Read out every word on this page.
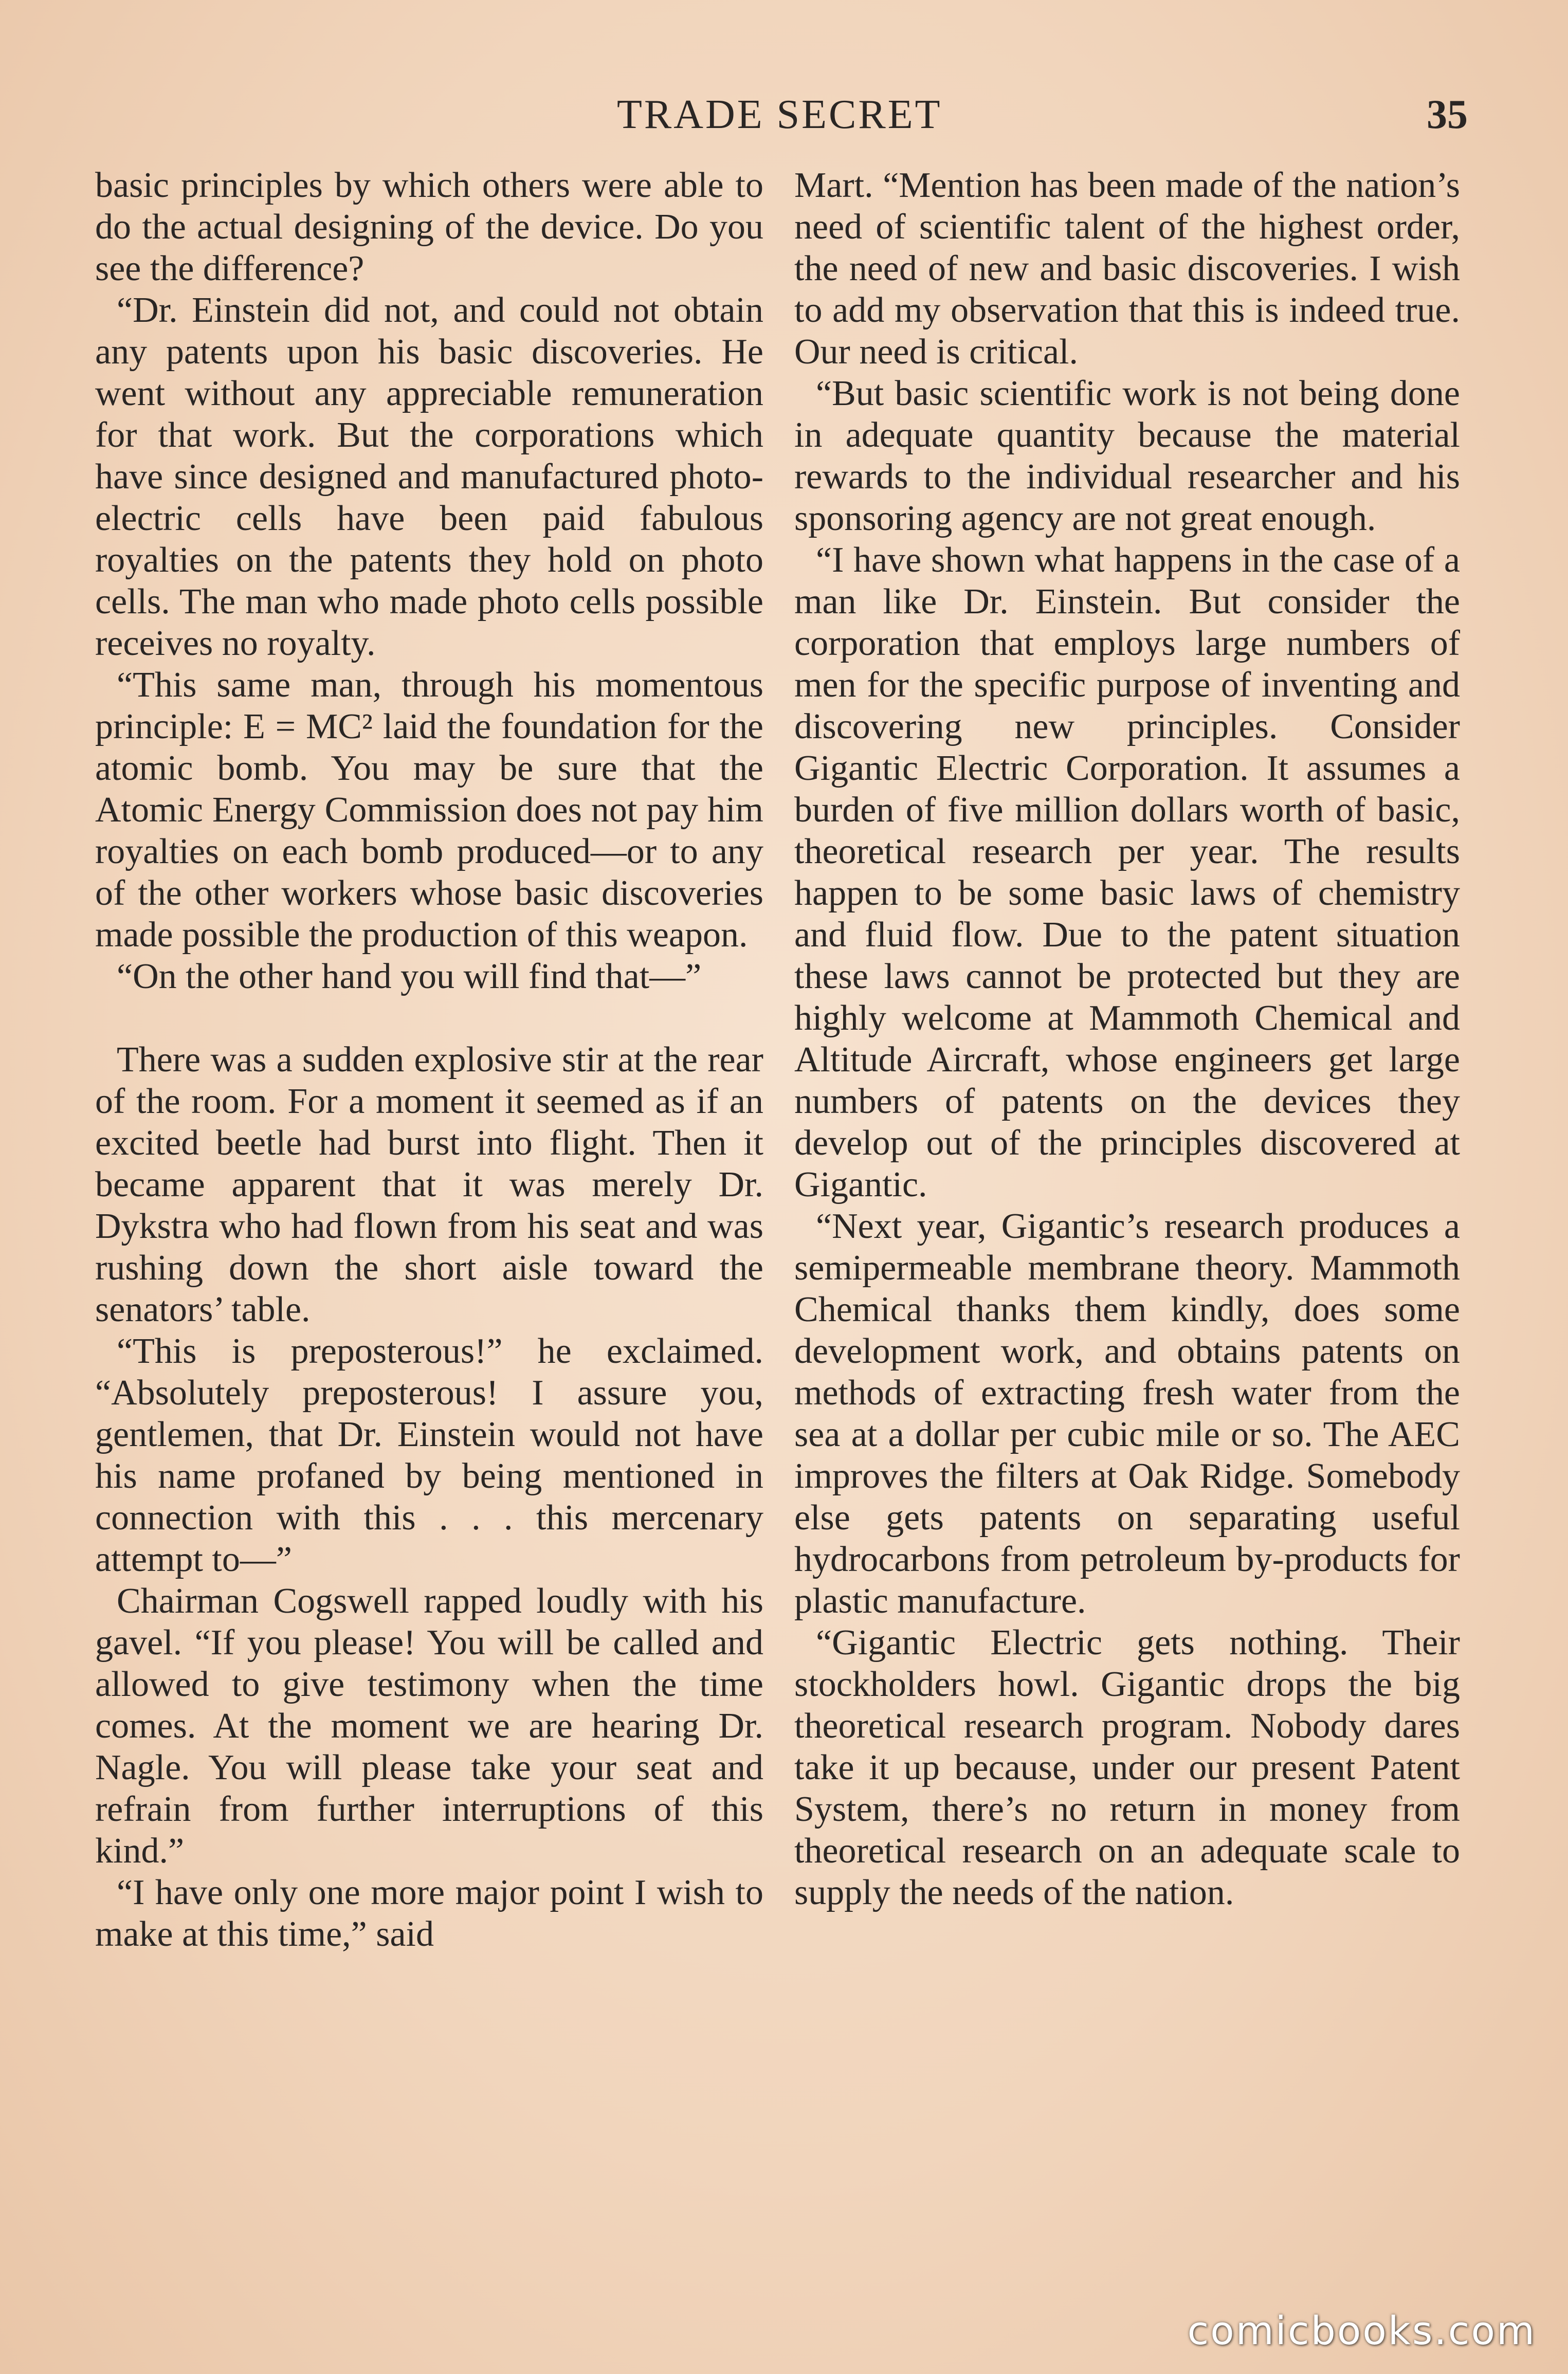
TRADE SECRET	35

basic principles by which others were able to do the actual designing of the device. Do you see the difference?

“Dr. Einstein did not, and could not obtain any patents upon his basic discoveries. He went without any appreciable remuneration for that work. But the corporations which have since designed and manufactured photoelectric cells have been paid fabulous royalties on the patents they hold on photo cells. The man who made photo cells possible receives no royalty.

“This same man, through his momentous principle: E = MC² laid the foundation for the atomic bomb. You may be sure that the Atomic Energy Commission does not pay him royalties on each bomb produced—or to any of the other workers whose basic discoveries made possible the production of this weapon.

“On the other hand you will find that—”

There was a sudden explosive stir at the rear of the room. For a moment it seemed as if an excited beetle had burst into flight. Then it became apparent that it was merely Dr. Dykstra who had flown from his seat and was rushing down the short aisle toward the senators’ table.

“This is preposterous!” he exclaimed. “Absolutely preposterous! I assure you, gentlemen, that Dr. Einstein would not have his name profaned by being mentioned in connection with this . . . this mercenary attempt to—”

Chairman Cogswell rapped loudly with his gavel. “If you please! You will be called and allowed to give testimony when the time comes. At the moment we are hearing Dr. Nagle. You will please take your seat and refrain from further interruptions of this kind.”

“I have only one more major point I wish to make at this time,” said

Mart. “Mention has been made of the nation’s need of scientific talent of the highest order, the need of new and basic discoveries. I wish to add my observation that this is indeed true. Our need is critical.

“But basic scientific work is not being done in adequate quantity because the material rewards to the individual researcher and his sponsoring agency are not great enough.

“I have shown what happens in the case of a man like Dr. Einstein. But consider the corporation that employs large numbers of men for the specific purpose of inventing and discovering new principles. Consider Gigantic Electric Corporation. It assumes a burden of five million dollars worth of basic, theoretical research per year. The results happen to be some basic laws of chemistry and fluid flow. Due to the patent situation these laws cannot be protected but they are highly welcome at Mammoth Chemical and Altitude Aircraft, whose engineers get large numbers of patents on the devices they develop out of the principles discovered at Gigantic.

“Next year, Gigantic’s research produces a semipermeable membrane theory. Mammoth Chemical thanks them kindly, does some development work, and obtains patents on methods of extracting fresh water from the sea at a dollar per cubic mile or so. The AEC improves the filters at Oak Ridge. Somebody else gets patents on separating useful hydrocarbons from petroleum by-products for plastic manufacture.

“Gigantic Electric gets nothing. Their stockholders howl. Gigantic drops the big theoretical research program. Nobody dares take it up because, under our present Patent System, there’s no return in money from theoretical research on an adequate scale to supply the needs of the nation.

comicbooks.com
